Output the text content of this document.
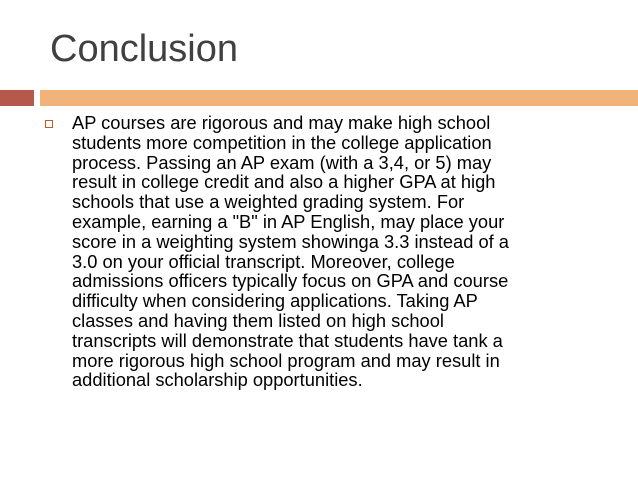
Conclusion
AP courses are rigorous and may make high school
students more competition in the college application
process. Passing an AP exam (with a 3,4, or 5) may
result in college credit and also a higher GPA at high
schools that use a weighted grading system. For
example, earning a "B" in AP English, may place your
score in a weighting system showinga 3.3 instead of a
3.0 on your official transcript. Moreover, college
admissions officers typically focus on GPA and course
difficulty when considering applications. Taking AP
classes and having them listed on high school
transcripts will demonstrate that students have tank a
more rigorous high school program and may result in
additional scholarship opportunities.
